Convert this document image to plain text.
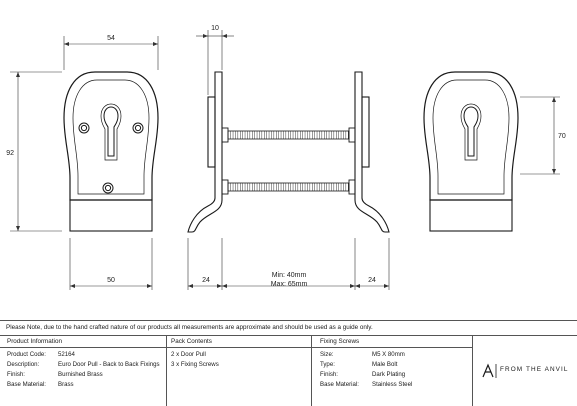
54
92
50
10
24
Min: 40mm
Max: 65mm
24
70
Please Note, due to the hand crafted nature of our products all measurements are approximate and should be used as a guide only.
Product Information
Product Code: 52164
Description:	Euro Door Pull - Back to Back Fixings
Finish:	Burnished Brass
Base Material: Brass
Pack Contents
2 x Door Pull
3 x Fixing Screws
Fixing Screws
Size:	M5 X 80mm
Type:	Male Bolt
Finish:	Dark Plating
Base Material: Stainless Steel
FROM THE ANVIL
